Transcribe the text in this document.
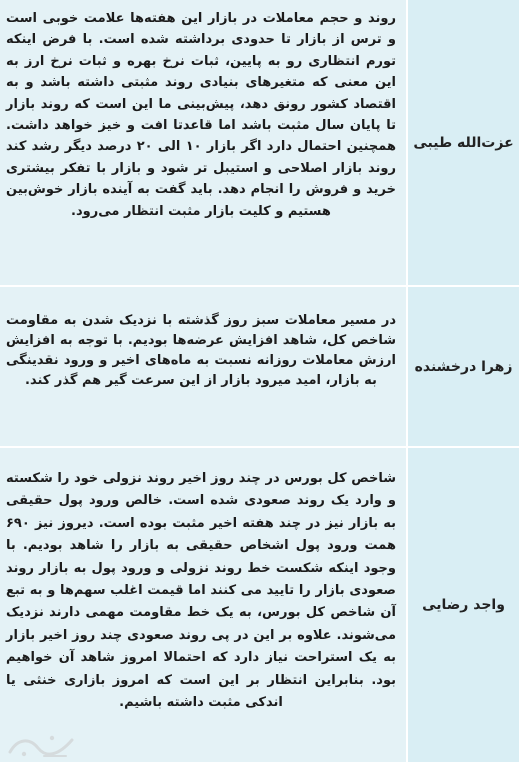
عزت‌الله طیبی
روند و حجم معاملات در بازار این هفته‌ها علامت خوبی است و ترس از بازار تا حدودی برداشته شده است. با فرض اینکه تورم انتظاری رو به پایین، ثبات نرخ بهره و ثبات نرخ ارز به این معنی که متغیرهای بنیادی روند مثبتی داشته باشد و به اقتصاد کشور رونق دهد، پیش‌بینی ما این است که روند بازار تا پایان سال مثبت باشد اما قاعدتا افت و خیز خواهد داشت. همچنین احتمال دارد اگر بازار ۱۰ الی ۲۰ درصد دیگر رشد کند روند بازار اصلاحی و استیبل تر شود و بازار با تفکر بیشتری خرید و فروش را انجام دهد. باید گفت به آینده بازار خوش‌بین هستیم و کلیت بازار مثبت انتظار می‌رود.
زهرا درخشنده
در مسیر معاملات سبز روز گذشته با نزدیک شدن به مقاومت شاخص کل، شاهد افزایش عرضه‌ها بودیم. با توجه به افزایش ارزش معاملات روزانه نسبت به ماه‌های اخیر و ورود نقدینگی به بازار، امید میرود بازار از این سرعت گیر هم گذر کند.
واجد رضایی
شاخص کل بورس در چند روز اخیر روند نزولی خود را شکسته و وارد یک روند صعودی شده است. خالص ورود پول حقیقی به بازار نیز در چند هفته اخیر مثبت بوده است. دیروز نیز ۶۹۰ همت ورود پول اشخاص حقیقی به بازار را شاهد بودیم. با وجود اینکه شکست خط روند نزولی و ورود پول به بازار روند صعودی بازار را تایید می کنند اما قیمت اغلب سهم‌ها و به تبع آن شاخص کل بورس، به یک خط مقاومت مهمی دارند نزدیک می‌شوند. علاوه بر این در پی روند صعودی چند روز اخیر بازار به یک استراحت نیاز دارد که احتمالا امروز شاهد آن خواهیم بود. بنابراین انتظار بر این است که امروز بازاری خنثی یا اندکی مثبت داشته باشیم.
